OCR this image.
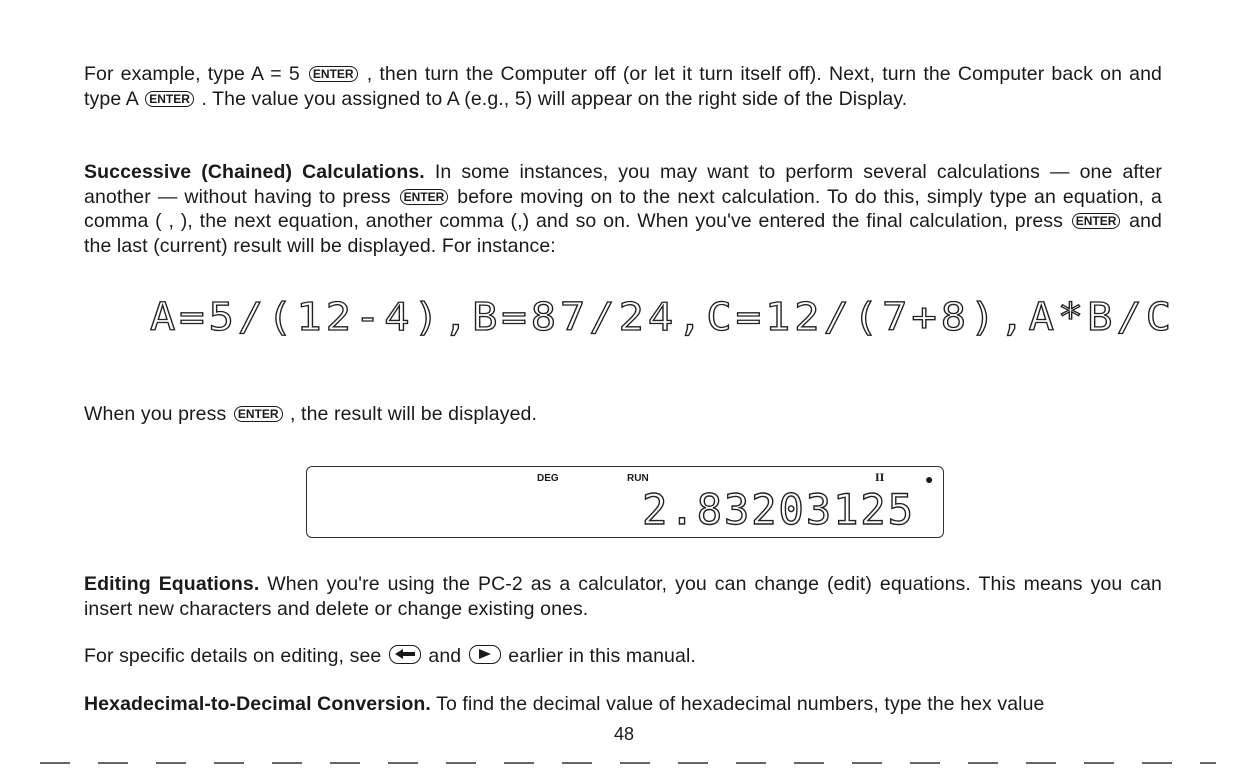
For example, type A = 5 ENTER , then turn the Computer off (or let it turn itself off). Next, turn the Computer back on and type A ENTER . The value you assigned to A (e.g., 5) will appear on the right side of the Display.

Successive (Chained) Calculations. In some instances, you may want to perform several calculations — one after another — without having to press ENTER before moving on to the next calculation. To do this, simply type an equation, a comma ( , ), the next equation, another comma (,) and so on. When you've entered the final calculation, press ENTER and the last (current) result will be displayed. For instance:

A=5/(12-4),B=87/24,C=12/(7+8),A*B/C

When you press ENTER , the result will be displayed.

DEG	RUN	II	●
2.83203125

Editing Equations. When you're using the PC-2 as a calculator, you can change (edit) equations. This means you can insert new characters and delete or change existing ones.

For specific details on editing, see
and
earlier in this manual.

Hexadecimal-to-Decimal Conversion. To find the decimal value of hexadecimal numbers, type the hex value

48
